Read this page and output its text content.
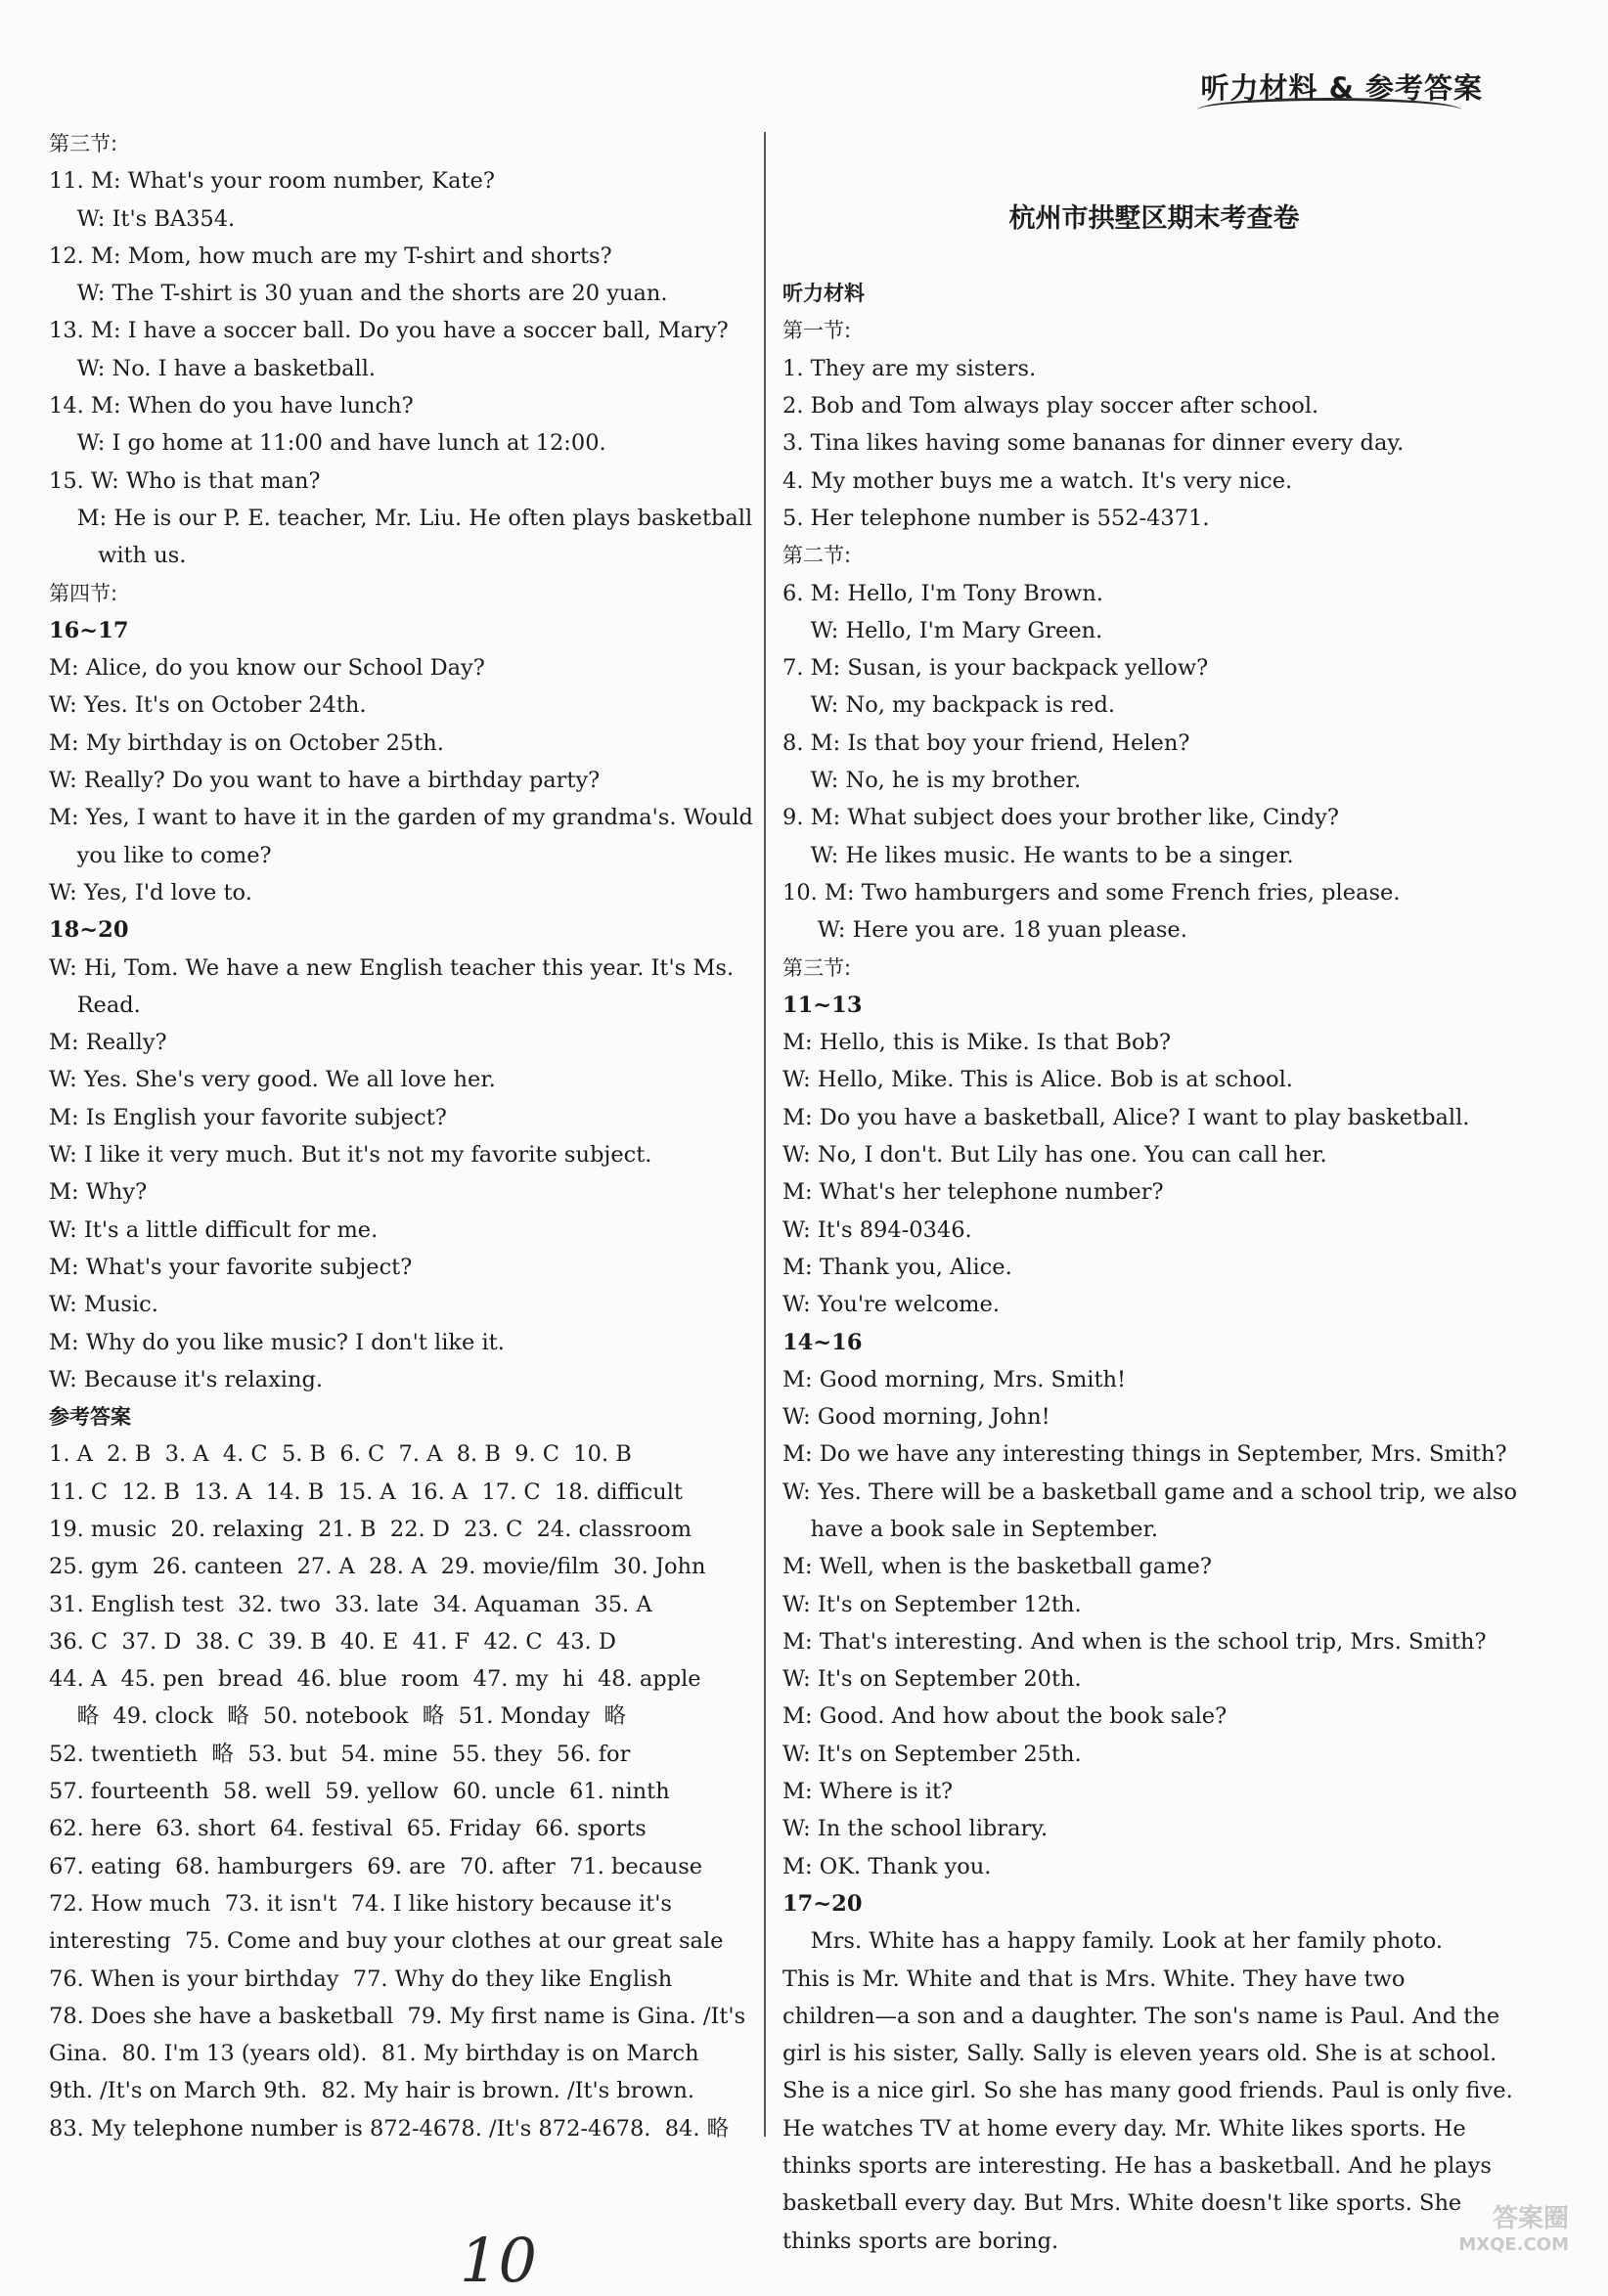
听力材料 & 参考答案
第三节:
11. M: What's your room number, Kate?
W: It's BA354.
12. M: Mom, how much are my T-shirt and shorts?
W: The T-shirt is 30 yuan and the shorts are 20 yuan.
13. M: I have a soccer ball. Do you have a soccer ball, Mary?
W: No. I have a basketball.
14. M: When do you have lunch?
W: I go home at 11:00 and have lunch at 12:00.
15. W: Who is that man?
M: He is our P. E. teacher, Mr. Liu. He often plays basketball
with us.
第四节:
16~17
M: Alice, do you know our School Day?
W: Yes. It's on October 24th.
M: My birthday is on October 25th.
W: Really? Do you want to have a birthday party?
M: Yes, I want to have it in the garden of my grandma's. Would
you like to come?
W: Yes, I'd love to.
18~20
W: Hi, Tom. We have a new English teacher this year. It's Ms.
Read.
M: Really?
W: Yes. She's very good. We all love her.
M: Is English your favorite subject?
W: I like it very much. But it's not my favorite subject.
M: Why?
W: It's a little difficult for me.
M: What's your favorite subject?
W: Music.
M: Why do you like music? I don't like it.
W: Because it's relaxing.
参考答案
1. A  2. B  3. A  4. C  5. B  6. C  7. A  8. B  9. C  10. B
11. C  12. B  13. A  14. B  15. A  16. A  17. C  18. difficult
19. music  20. relaxing  21. B  22. D  23. C  24. classroom
25. gym  26. canteen  27. A  28. A  29. movie/film  30. John
31. English test  32. two  33. late  34. Aquaman  35. A
36. C  37. D  38. C  39. B  40. E  41. F  42. C  43. D
44. A  45. pen  bread  46. blue  room  47. my  hi  48. apple
略  49. clock  略  50. notebook  略  51. Monday  略
52. twentieth  略  53. but  54. mine  55. they  56. for
57. fourteenth  58. well  59. yellow  60. uncle  61. ninth
62. here  63. short  64. festival  65. Friday  66. sports
67. eating  68. hamburgers  69. are  70. after  71. because
72. How much  73. it isn't  74. I like history because it's
interesting  75. Come and buy your clothes at our great sale
76. When is your birthday  77. Why do they like English
78. Does she have a basketball  79. My first name is Gina. /It's
Gina.  80. I'm 13 (years old).  81. My birthday is on March
9th. /It's on March 9th.  82. My hair is brown. /It's brown.
83. My telephone number is 872-4678. /It's 872-4678.  84. 略

杭州市拱墅区期末考查卷

听力材料
第一节:
1. They are my sisters.
2. Bob and Tom always play soccer after school.
3. Tina likes having some bananas for dinner every day.
4. My mother buys me a watch. It's very nice.
5. Her telephone number is 552-4371.
第二节:
6. M: Hello, I'm Tony Brown.
W: Hello, I'm Mary Green.
7. M: Susan, is your backpack yellow?
W: No, my backpack is red.
8. M: Is that boy your friend, Helen?
W: No, he is my brother.
9. M: What subject does your brother like, Cindy?
W: He likes music. He wants to be a singer.
10. M: Two hamburgers and some French fries, please.
W: Here you are. 18 yuan please.
第三节:
11~13
M: Hello, this is Mike. Is that Bob?
W: Hello, Mike. This is Alice. Bob is at school.
M: Do you have a basketball, Alice? I want to play basketball.
W: No, I don't. But Lily has one. You can call her.
M: What's her telephone number?
W: It's 894-0346.
M: Thank you, Alice.
W: You're welcome.
14~16
M: Good morning, Mrs. Smith!
W: Good morning, John!
M: Do we have any interesting things in September, Mrs. Smith?
W: Yes. There will be a basketball game and a school trip, we also
have a book sale in September.
M: Well, when is the basketball game?
W: It's on September 12th.
M: That's interesting. And when is the school trip, Mrs. Smith?
W: It's on September 20th.
M: Good. And how about the book sale?
W: It's on September 25th.
M: Where is it?
W: In the school library.
M: OK. Thank you.
17~20
Mrs. White has a happy family. Look at her family photo.
This is Mr. White and that is Mrs. White. They have two
children—a son and a daughter. The son's name is Paul. And the
girl is his sister, Sally. Sally is eleven years old. She is at school.
She is a nice girl. So she has many good friends. Paul is only five.
He watches TV at home every day. Mr. White likes sports. He
thinks sports are interesting. He has a basketball. And he plays
basketball every day. But Mrs. White doesn't like sports. She
thinks sports are boring.
10
答案圈
MXQE.COM
